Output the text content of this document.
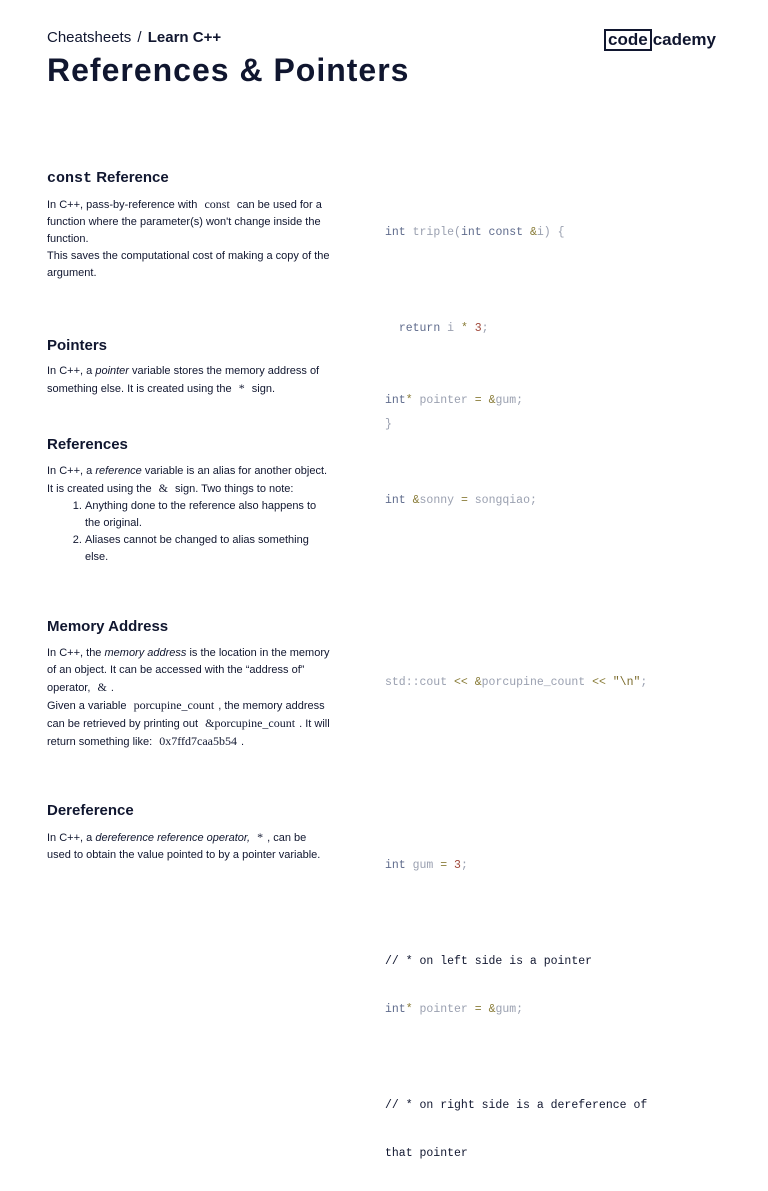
Cheatsheets / Learn C++	code cademy
References & Pointers
const Reference

In C++, pass-by-reference with const can be used for a function where the parameter(s) won't change inside the function.

This saves the computational cost of making a copy of the argument.

int triple(int const &i) {

return i * 3;

}

Pointers

In C++, a pointer variable stores the memory address of something else. It is created using the * sign.

int* pointer = &gum;

References

In C++, a reference variable is an alias for another object. It is created using the & sign. Two things to note:

1. Anything done to the reference also happens to the original.
2. Aliases cannot be changed to alias something else.

int &sonny = songqiao;

Memory Address

In C++, the memory address is the location in the memory of an object. It can be accessed with the “address of” operator, & .

Given a variable porcupine_count , the memory address can be retrieved by printing out &porcupine_count . It will return something like: 0x7ffd7caa5b54 .

std::cout << &porcupine_count << "\n";

Dereference

In C++, a dereference reference operator, * , can be used to obtain the value pointed to by a pointer variable.

int gum = 3;

// * on left side is a pointer

int* pointer = &gum;

// * on right side is a dereference of

that pointer
